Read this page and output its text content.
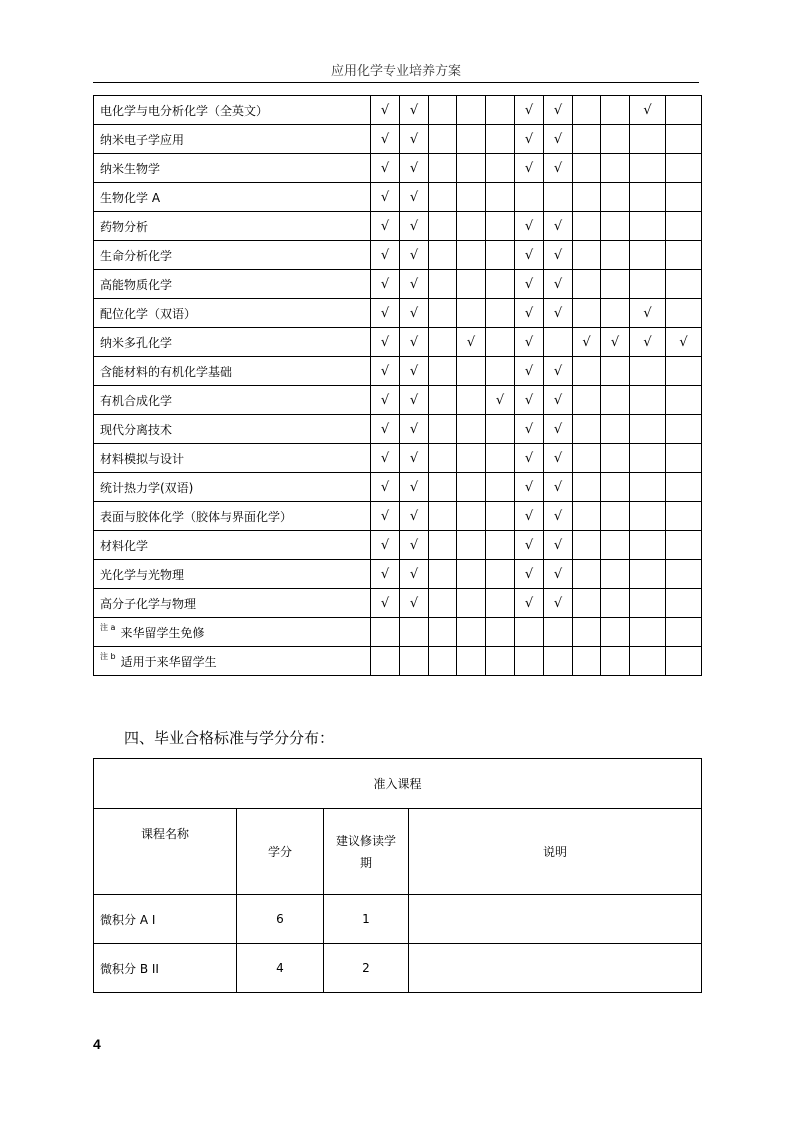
应用化学专业培养方案
电化学与电分析化学（全英文）	√	√				√	√			√	
纳米电子学应用	√	√				√	√				
纳米生物学	√	√				√	√				
生物化学 A	√	√									
药物分析	√	√				√	√				
生命分析化学	√	√				√	√				
高能物质化学	√	√				√	√				
配位化学（双语）	√	√				√	√			√	
纳米多孔化学	√	√		√		√		√	√	√	√
含能材料的有机化学基础	√	√				√	√				
有机合成化学	√	√			√	√	√				
现代分离技术	√	√				√	√				
材料模拟与设计	√	√				√	√				
统计热力学(双语)	√	√				√	√				
表面与胶体化学（胶体与界面化学）	√	√				√	√				
材料化学	√	√				√	√				
光化学与光物理	√	√				√	√				
高分子化学与物理	√	√				√	√				
$^{注 a}$ 来华留学生免修											
$^{注 b}$ 适用于来华留学生											
四、毕业合格标准与学分分布：
准入课程			
课程名称	学分	建议修读学期	说明
微积分 A I	6	1	
微积分 B II	4	2	
4
